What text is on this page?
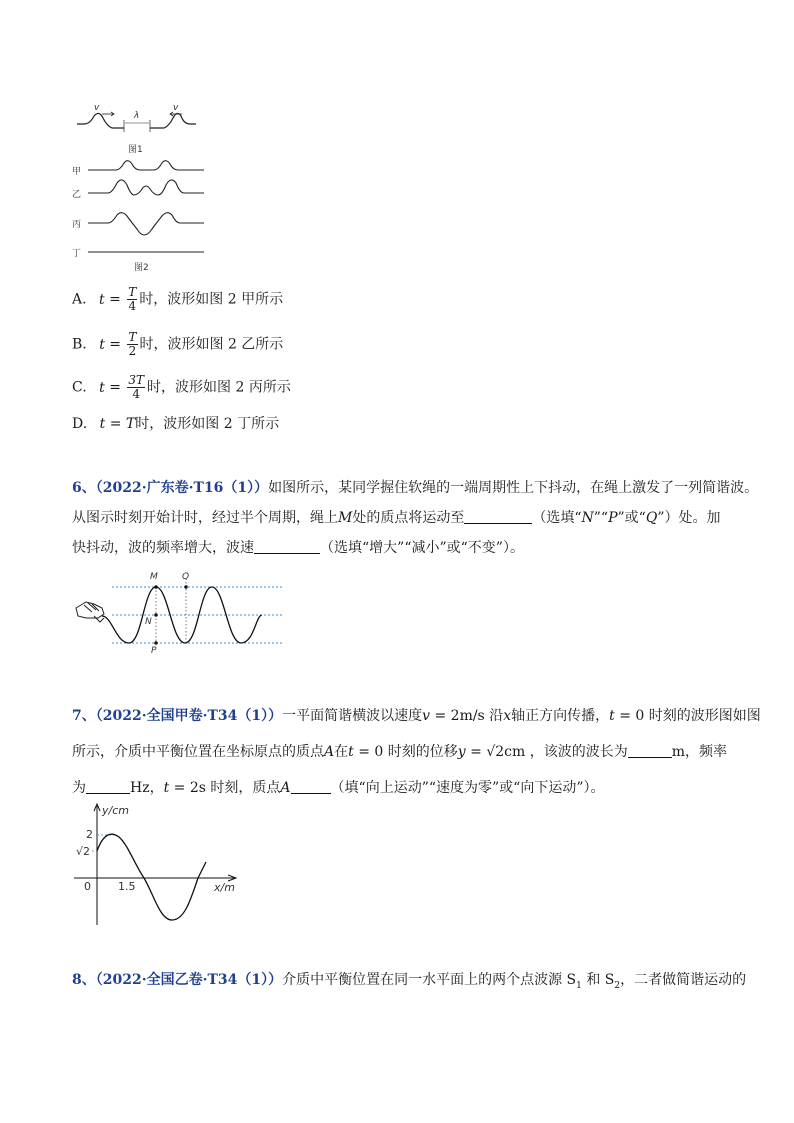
v	v
λ
图1
甲
乙
丙
丁
图2
A. $t = \frac{T}{4}$ 时，波形如图 2 甲所示
B. $t = \frac{T}{2}$ 时，波形如图 2 乙所示
C. $t = \frac{3T}{4}$ 时，波形如图 2 丙所示
D. t = T时，波形如图 2 丁所示
6、（2022·广东卷·T16（1））如图所示，某同学握住软绳的一端周期性上下抖动，在绳上激发了一列简谐波。
从图示时刻开始计时，经过半个周期，绳上M处的质点将运动至	（选填“N”“P”或“Q”）处。加
快抖动，波的频率增大，波速	（选填“增大”“减小”或“不变”）。
M	Q
N
P
7、（2022·全国甲卷·T34（1））一平面简谐横波以速度v = 2m/s 沿x轴正方向传播，t = 0 时刻的波形图如图
所示，介质中平衡位置在坐标原点的质点A在t = 0 时刻的位移y = √2cm ，该波的波长为	m，频率
为	Hz，t = 2s 时刻，质点A	（填“向上运动”“速度为零”或“向下运动”）。
y/cm
x/m
2
√2
0 1.5
8、（2022·全国乙卷·T34（1））介质中平衡位置在同一水平面上的两个点波源 $S_1$ 和 $S_2$，二者做简谐运动的
